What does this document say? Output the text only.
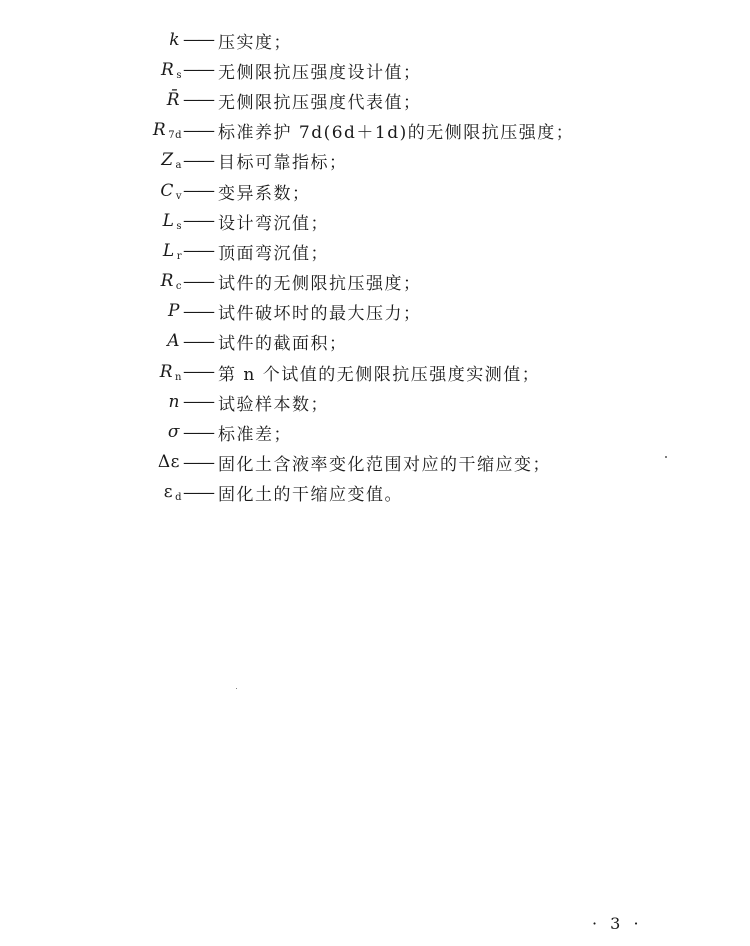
k —— 压实度；
R $_s$ —— 无侧限抗压强度设计值；
R̄ —— 无侧限抗压强度代表值；
R $_{7d}$ —— 标准养护 7d(6d＋1d)的无侧限抗压强度；
Z $_a$ —— 目标可靠指标；
C $_v$ —— 变异系数；
L $_s$ —— 设计弯沉值；
L $_r$ —— 顶面弯沉值；
R $_c$ —— 试件的无侧限抗压强度；
P —— 试件破坏时的最大压力；
A —— 试件的截面积；
R $_n$ —— 第 n 个试值的无侧限抗压强度实测值；
n —— 试验样本数；
σ —— 标准差；
Δε —— 固化土含液率变化范围对应的干缩应变；
ε $_d$ —— 固化土的干缩应变值。
· 3 ·
